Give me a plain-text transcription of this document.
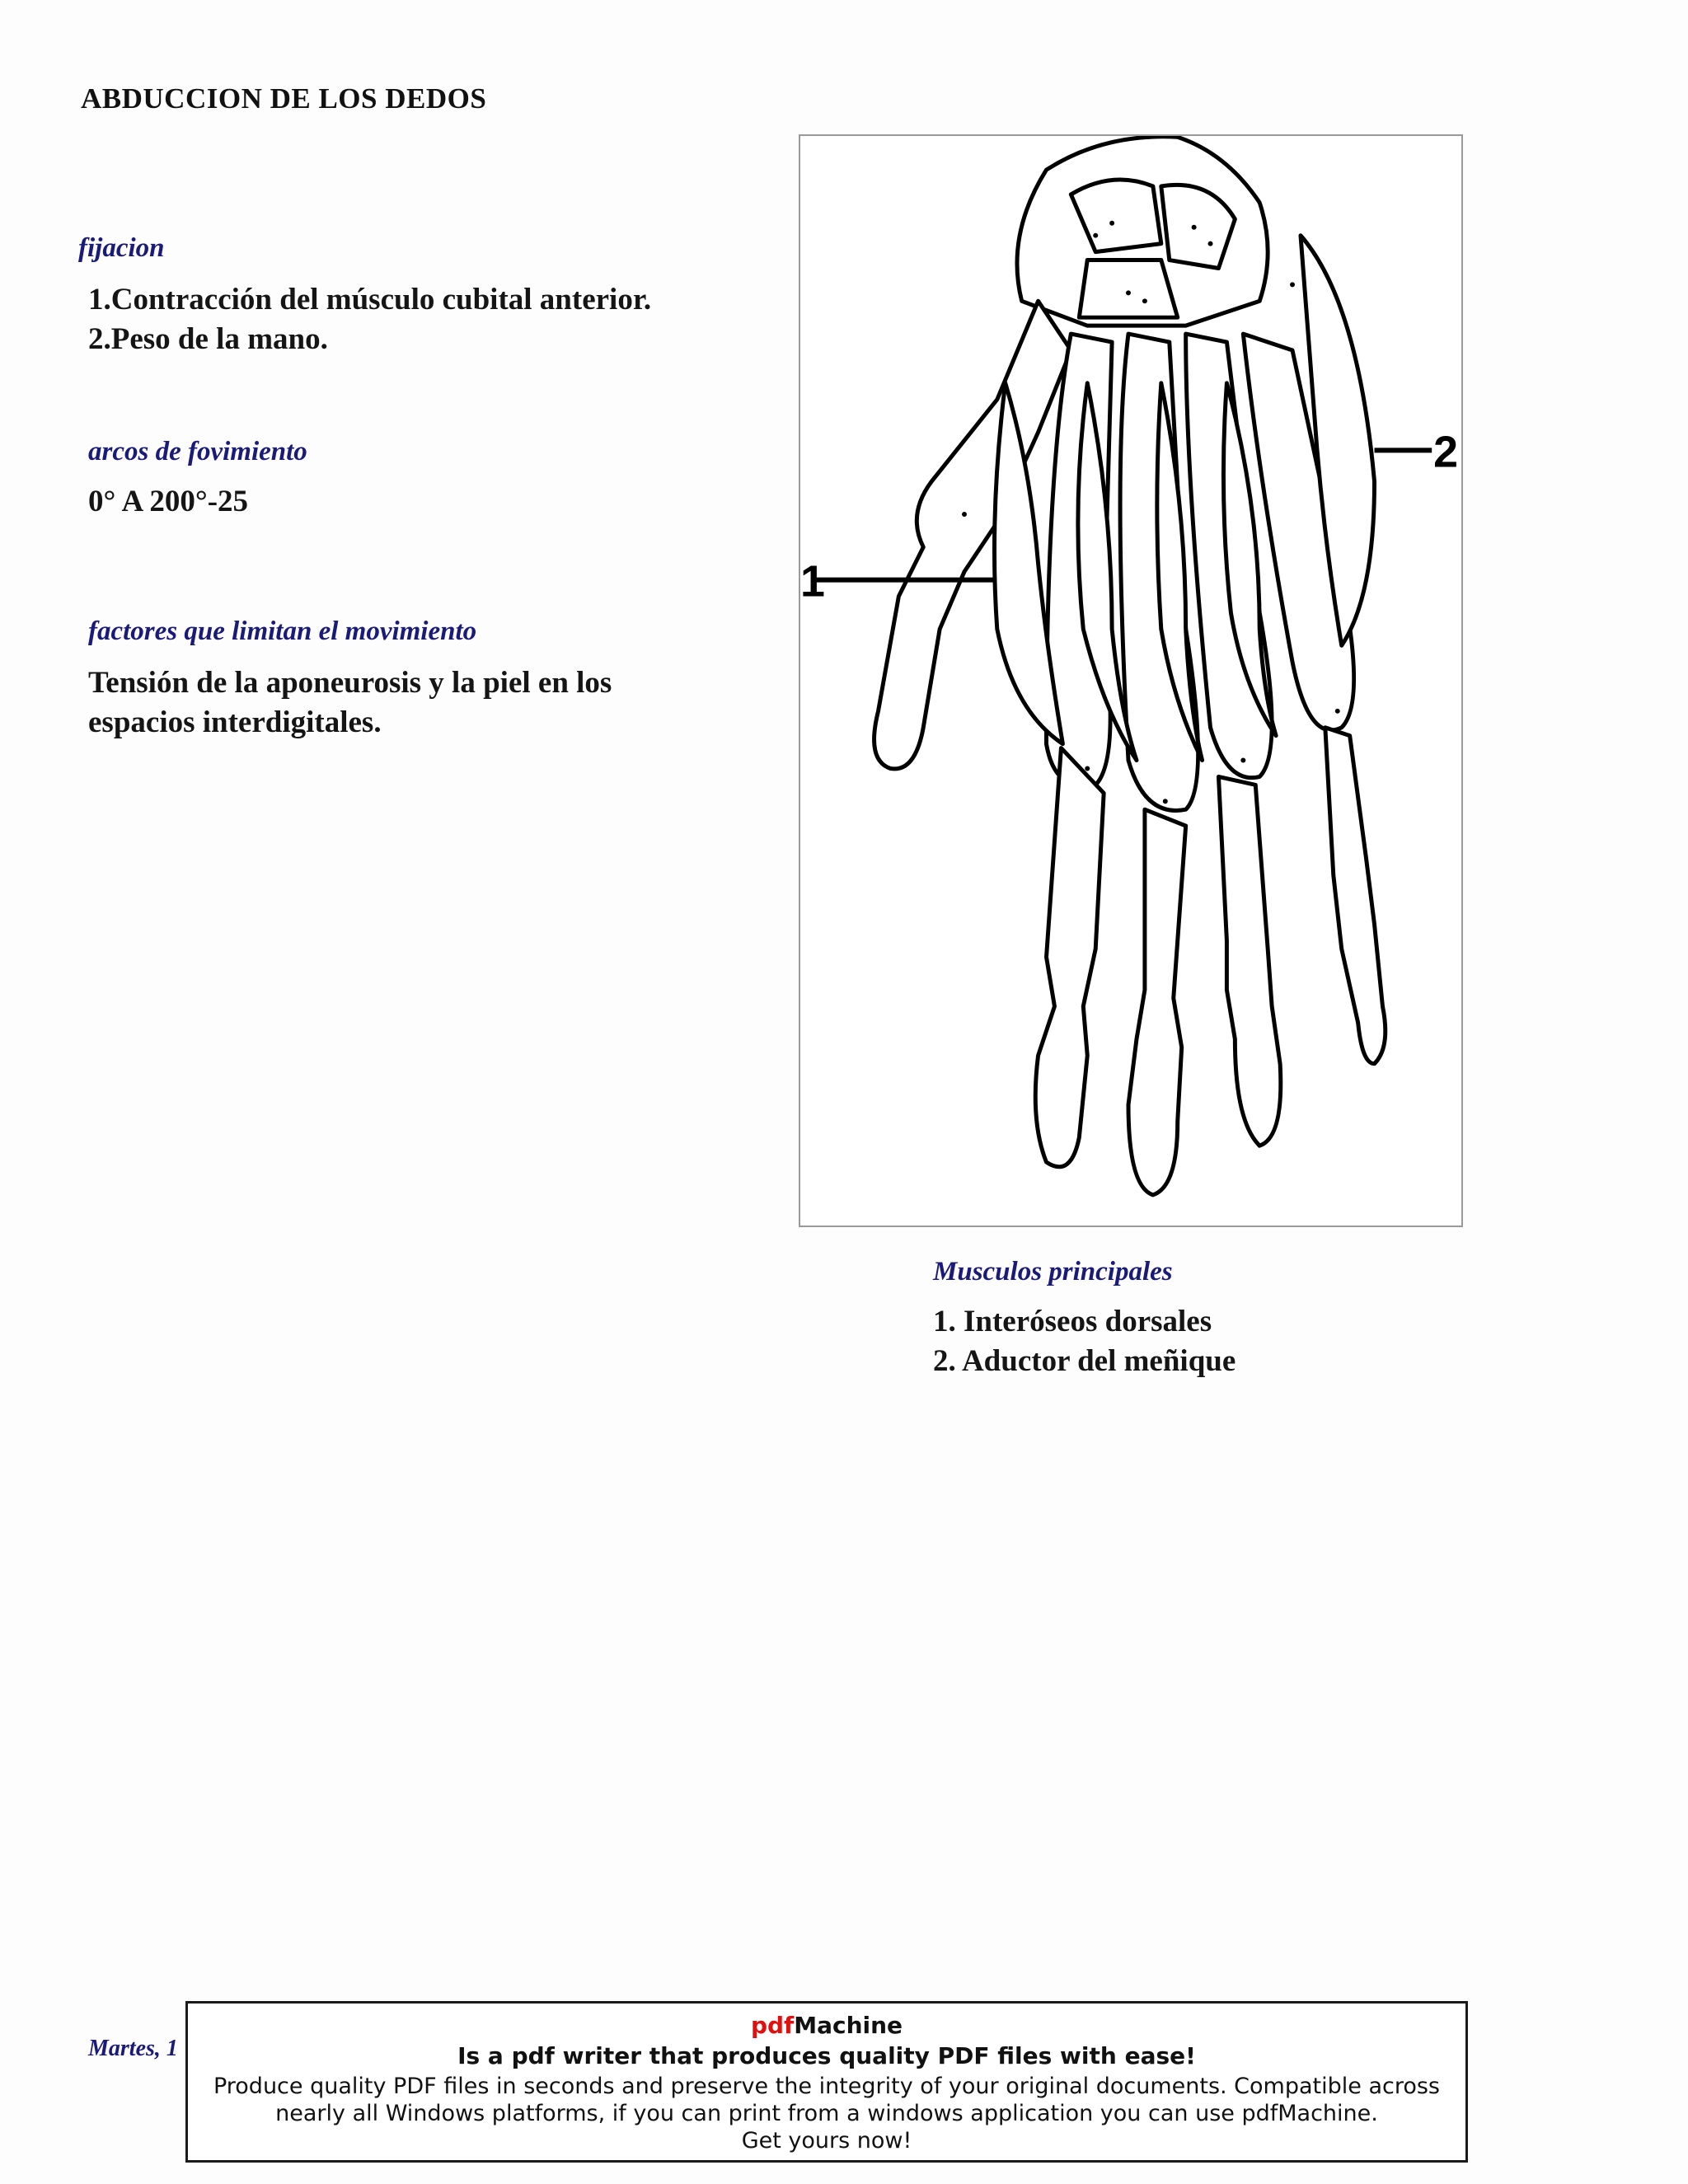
ABDUCCION DE LOS DEDOS
fijacion
1.Contracción del músculo cubital anterior.
2.Peso de la mano.
arcos de fovimiento
0° A 200°-25
factores que limitan el movimiento
Tensión de la aponeurosis y la piel en los
espacios interdigitales.
1
2
Musculos principales
1. Interóseos dorsales
2. Aductor del meñique
Martes, 1
pdfMachine
Is a pdf writer that produces quality PDF files with ease!
Produce quality PDF files in seconds and preserve the integrity of your original documents. Compatible across
nearly all Windows platforms, if you can print from a windows application you can use pdfMachine.
Get yours now!
